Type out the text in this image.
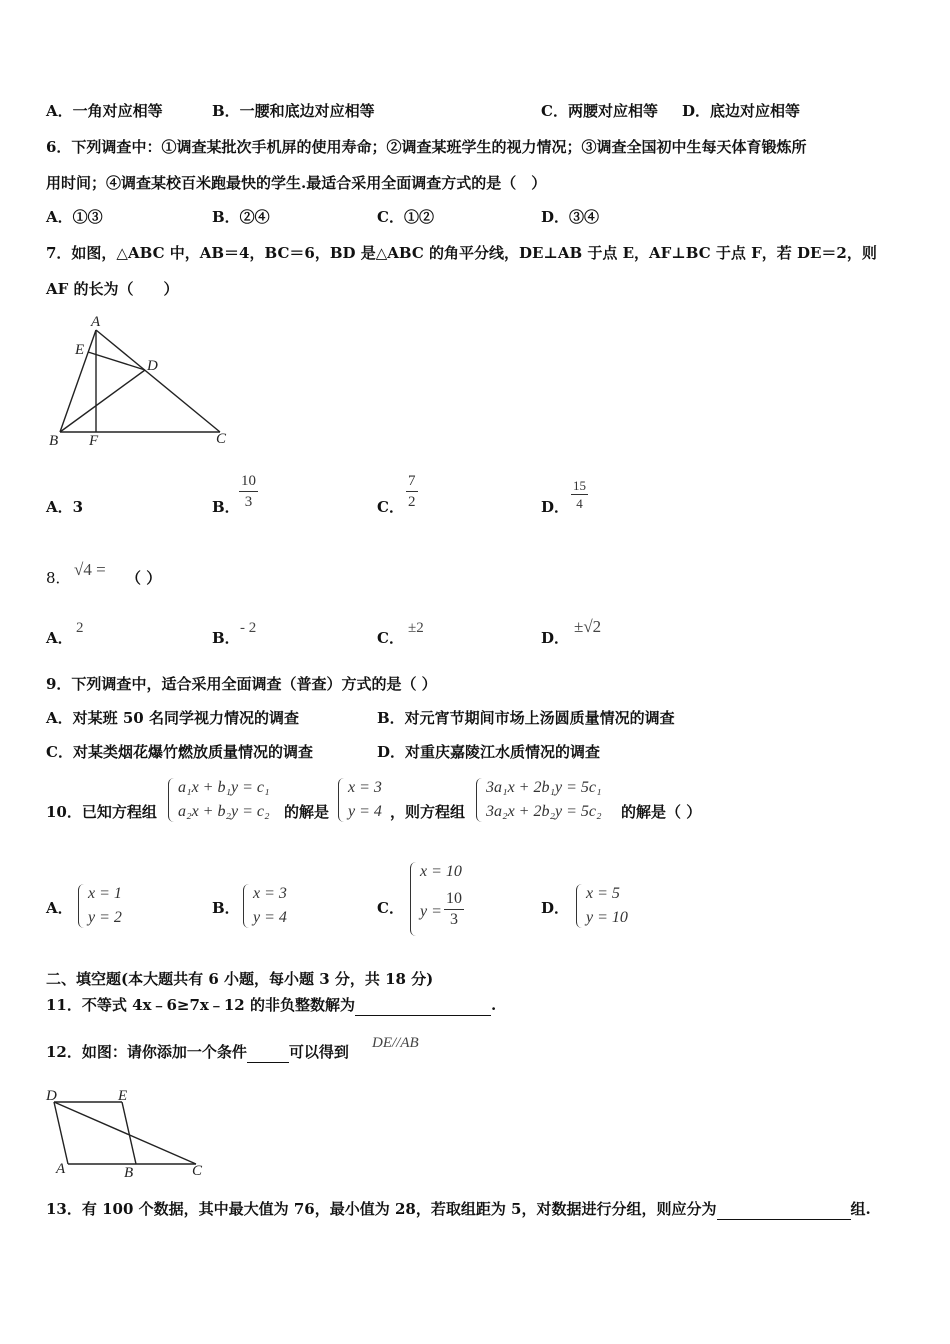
A．一角对应相等	B．一腰和底边对应相等	C．两腰对应相等 D．底边对应相等
6．下列调查中：①调查某批次手机屏的使用寿命；②调查某班学生的视力情况；③调查全国初中生每天体育锻炼所
用时间；④调查某校百米跑最快的学生.最适合采用全面调查方式的是（　）
A．①③	B．②④	C．①②	D．③④
7．如图，△ABC 中，AB＝4，BC＝6，BD 是△ABC 的角平分线，DE⊥AB 于点 E，AF⊥BC 于点 F，若 DE＝2，则
AF 的长为（　　）
A
E
D
B F	C
A．3	B．
10
3	C．
7
2	D．
15
4
8． √4 = （ ）
A．
2
B．
- 2
C．
±2
D．
±√2
9．下列调查中，适合采用全面调查（普查）方式的是（ ）
A．对某班 50 名同学视力情况的调查	B．对元宵节期间市场上汤圆质量情况的调查
C．对某类烟花爆竹燃放质量情况的调查	D．对重庆嘉陵江水质情况的调查
10．已知方程组
a₁x + b₁y = c₁
a₂x + b₂y = c₂ 的解是
x = 3
y = 4 ，则方程组
3a₁x + 2b₁y = 5c₁
3a₂x + 2b₂y = 5c₂ 的解是（ ）
A．
x = 1
y = 2
B．
x = 3
y = 4
C．
x = 10
y =
10
3
D．
x = 5
y = 10
二、填空题(本大题共有 6 小题，每小题 3 分，共 18 分)
11．不等式 4x﹣6≥7x﹣12 的非负整数解为	.
12．如图：请你添加一个条件	可以得到 DE//AB
D	E
A	B	C
13．有 100 个数据，其中最大值为 76，最小值为 28，若取组距为 5，对数据进行分组，则应分为	组.
